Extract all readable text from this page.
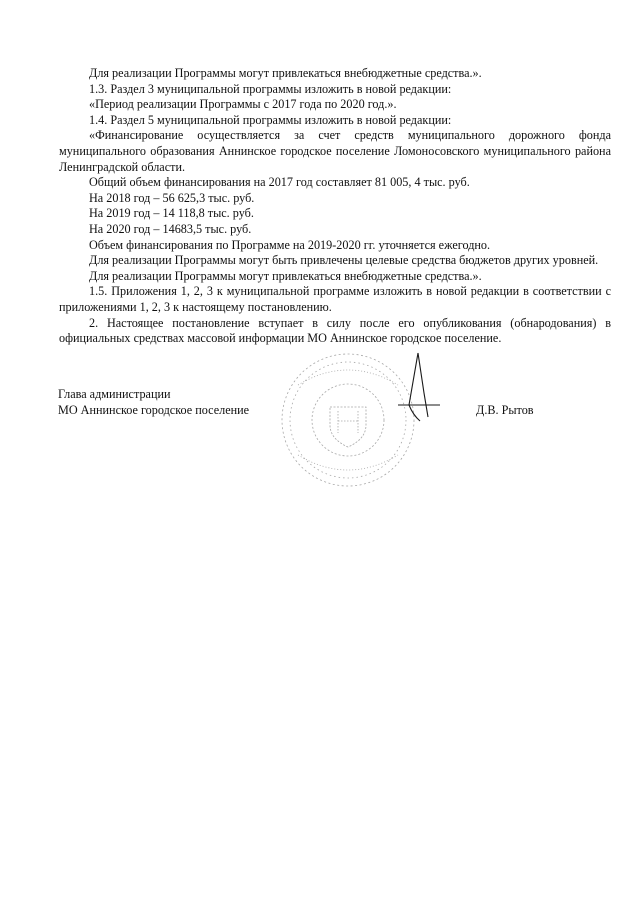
Для реализации Программы могут привлекаться внебюджетные средства.».

1.3. Раздел 3 муниципальной программы изложить в новой редакции:

«Период реализации Программы с 2017 года по 2020 год.».

1.4. Раздел 5 муниципальной программы изложить в новой редакции:

«Финансирование осуществляется за счет средств муниципального дорожного фонда муниципального образования Аннинское городское поселение Ломоносовского муниципального района Ленинградской области.

Общий объем финансирования на 2017 год составляет 81 005, 4 тыс. руб.

На 2018 год – 56 625,3 тыс. руб.

На 2019 год – 14 118,8 тыс. руб.

На 2020 год – 14683,5 тыс. руб.

Объем финансирования по Программе на 2019-2020 гг. уточняется ежегодно.

Для реализации Программы могут быть привлечены целевые средства бюджетов других уровней.

Для реализации Программы могут привлекаться внебюджетные средства.».

1.5. Приложения 1, 2, 3 к муниципальной программе изложить в новой редакции в соответствии с приложениями 1, 2, 3 к настоящему постановлению.

2. Настоящее постановление вступает в силу после его опубликования (обнародования) в официальных средствах массовой информации МО Аннинское городское поселение.

Глава администрации

МО Аннинское городское поселение	Д.В. Рытов
